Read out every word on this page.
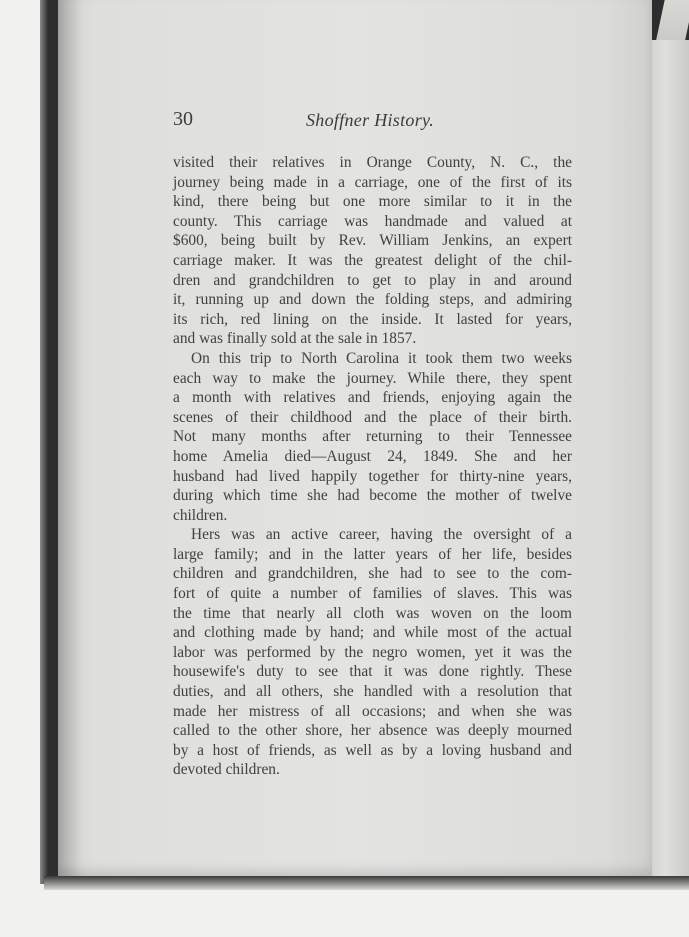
30	Shoffner History.
visited their relatives in Orange County, N. C., the
journey being made in a carriage, one of the first of its
kind, there being but one more similar to it in the
county. This carriage was handmade and valued at
$600, being built by Rev. William Jenkins, an expert
carriage maker. It was the greatest delight of the chil-
dren and grandchildren to get to play in and around
it, running up and down the folding steps, and admiring
its rich, red lining on the inside. It lasted for years,
and was finally sold at the sale in 1857.
On this trip to North Carolina it took them two weeks
each way to make the journey. While there, they spent
a month with relatives and friends, enjoying again the
scenes of their childhood and the place of their birth.
Not many months after returning to their Tennessee
home Amelia died—August 24, 1849. She and her
husband had lived happily together for thirty-nine years,
during which time she had become the mother of twelve
children.
Hers was an active career, having the oversight of a
large family; and in the latter years of her life, besides
children and grandchildren, she had to see to the com-
fort of quite a number of families of slaves. This was
the time that nearly all cloth was woven on the loom
and clothing made by hand; and while most of the actual
labor was performed by the negro women, yet it was the
housewife's duty to see that it was done rightly. These
duties, and all others, she handled with a resolution that
made her mistress of all occasions; and when she was
called to the other shore, her absence was deeply mourned
by a host of friends, as well as by a loving husband and
devoted children.
